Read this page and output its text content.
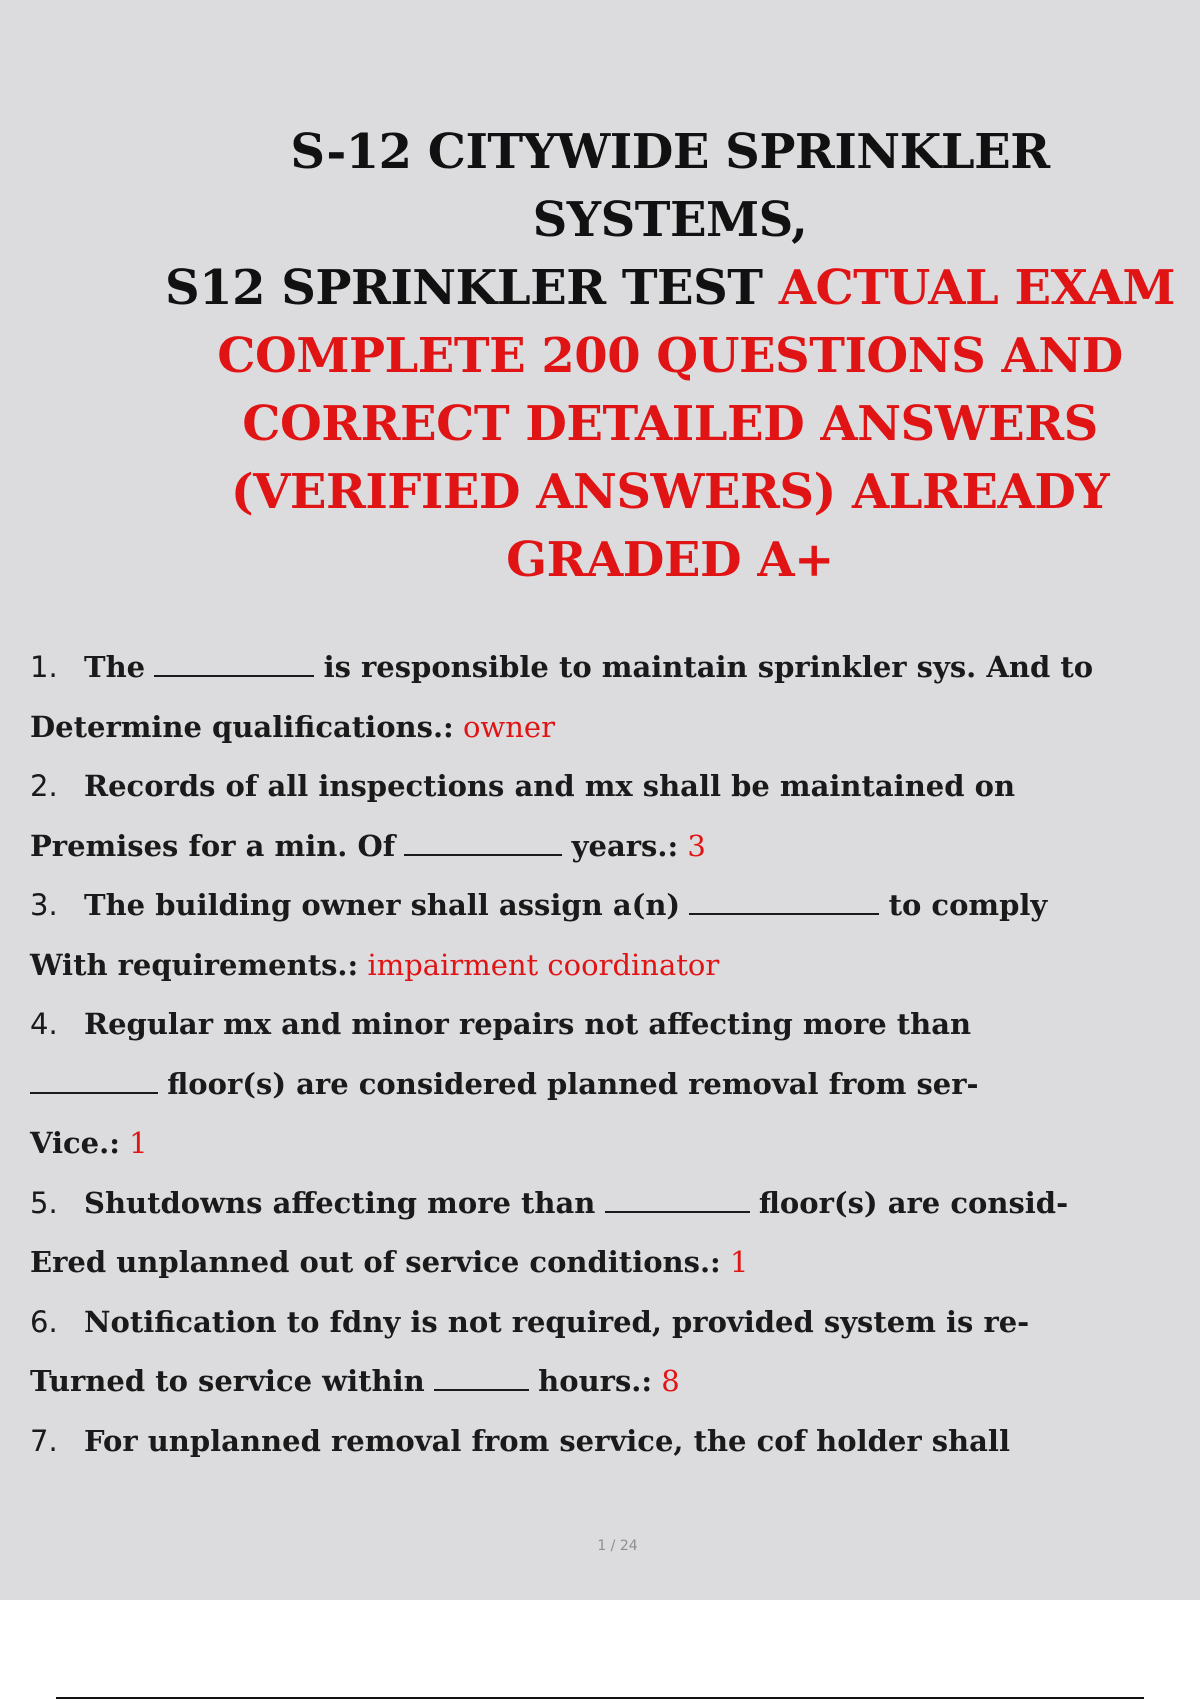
S-12 CITYWIDE SPRINKLER SYSTEMS,
S12 SPRINKLER TEST ACTUAL EXAM
COMPLETE 200 QUESTIONS AND
CORRECT DETAILED ANSWERS
(VERIFIED ANSWERS) ALREADY
GRADED A+
1. The	is responsible to maintain sprinkler sys. And to
Determine qualifications.: owner
2. Records of all inspections and mx shall be maintained on
Premises for a min. Of	years.: 3
3. The building owner shall assign a(n)	to comply
With requirements.: impairment coordinator
4. Regular mx and minor repairs not affecting more than
floor(s) are considered planned removal from ser-
Vice.: 1
5. Shutdowns affecting more than	floor(s) are consid-
Ered unplanned out of service conditions.: 1
6. Notification to fdny is not required, provided system is re-
Turned to service within	hours.: 8
7. For unplanned removal from service, the cof holder shall
1 / 24
